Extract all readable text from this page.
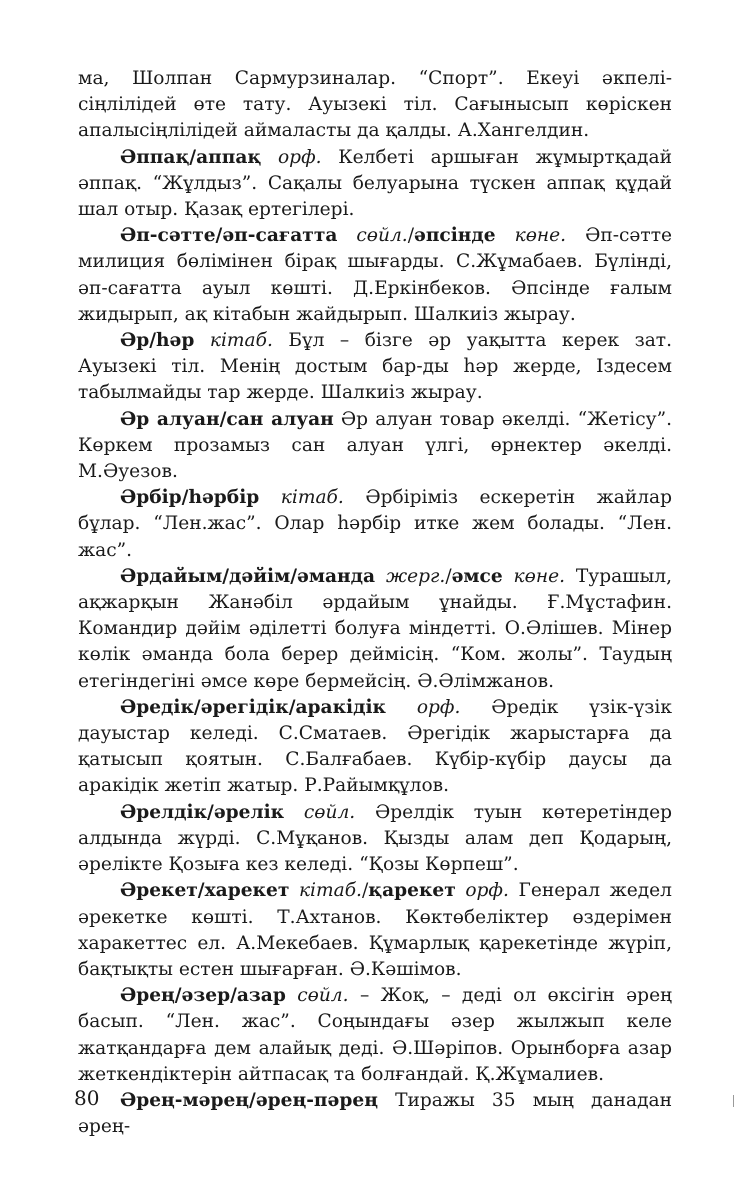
ма, Шолпан Сармурзиналар. “Спорт”. Екеуі әкпелі-сіңлілідей өте тату. Ауызекі тіл. Сағынысып көріскен апалысіңлілідей аймаласты да қалды. А.Хангелдин.

Әппақ/аппақ орф. Келбеті аршыған жұмыртқадай әппақ. “Жұлдыз”. Сақалы белуарына түскен аппақ құдай шал отыр. Қазақ ертегілері.

Әп-сәтте/әп-сағатта сөйл./әпсінде көне. Әп-сәтте милиция бөлімінен бірақ шығарды. С.Жұмабаев. Бүлінді, әп-сағатта ауыл көшті. Д.Еркінбеков. Әпсінде ғалым жидырып, ақ кітабын жайдырып. Шалкиіз жырау.

Әр/һәр кітаб. Бұл – бізге әр уақытта керек зат. Ауызекі тіл. Менің достым бар-ды һәр жерде, Іздесем табылмайды тар жерде. Шалкиіз жырау.

Әр алуан/сан алуан Әр алуан товар әкелді. “Жетісу”. Көркем прозамыз сан алуан үлгі, өрнектер әкелді. М.Әуезов.

Әрбір/һәрбір кітаб. Әрбіріміз ескеретін жайлар бұлар. “Лен.жас”. Олар һәрбір итке жем болады. “Лен. жас”.

Әрдайым/дәйім/әманда жерг./әмсе көне. Турашыл, ақжарқын Жанәбіл әрдайым ұнайды. Ғ.Мұстафин. Командир дәйім әділетті болуға міндетті. О.Әлішев. Мінер көлік әманда бола берер деймісің. “Ком. жолы”. Таудың етегіндегіні әмсе көре бермейсің. Ә.Әлімжанов.

Әредік/әрегідік/аракідік орф. Әредік үзік-үзік дауыстар келеді. С.Сматаев. Әрегідік жарыстарға да қатысып қоятын. С.Балғабаев. Күбір-күбір даусы да аракідік жетіп жатыр. Р.Райымқұлов.

Әрелдік/әрелік сөйл. Әрелдік туын көтеретіндер алдында жүрді. С.Мұқанов. Қызды алам деп Қодарың, әрелікте Қозыға кез келеді. “Қозы Көрпеш”.

Әрекет/харекет кітаб./қарекет орф. Генерал жедел әрекетке көшті. Т.Ахтанов. Көктөбеліктер өздерімен харакеттес ел. А.Мекебаев. Құмарлық қарекетінде жүріп, бақтықты естен шығарған. Ә.Кәшімов.

Әрең/әзер/азар сөйл. – Жоқ, – деді ол өксігін әрең басып. “Лен. жас”. Соңындағы әзер жылжып келе жатқандарға дем алайық деді. Ә.Шәріпов. Орынборға азар жеткендіктерін айтпасақ та болғандай. Қ.Жұмалиев.

Әрең-мәрең/әрең-пәрең Тиражы 35 мың данадан әрең-

80
